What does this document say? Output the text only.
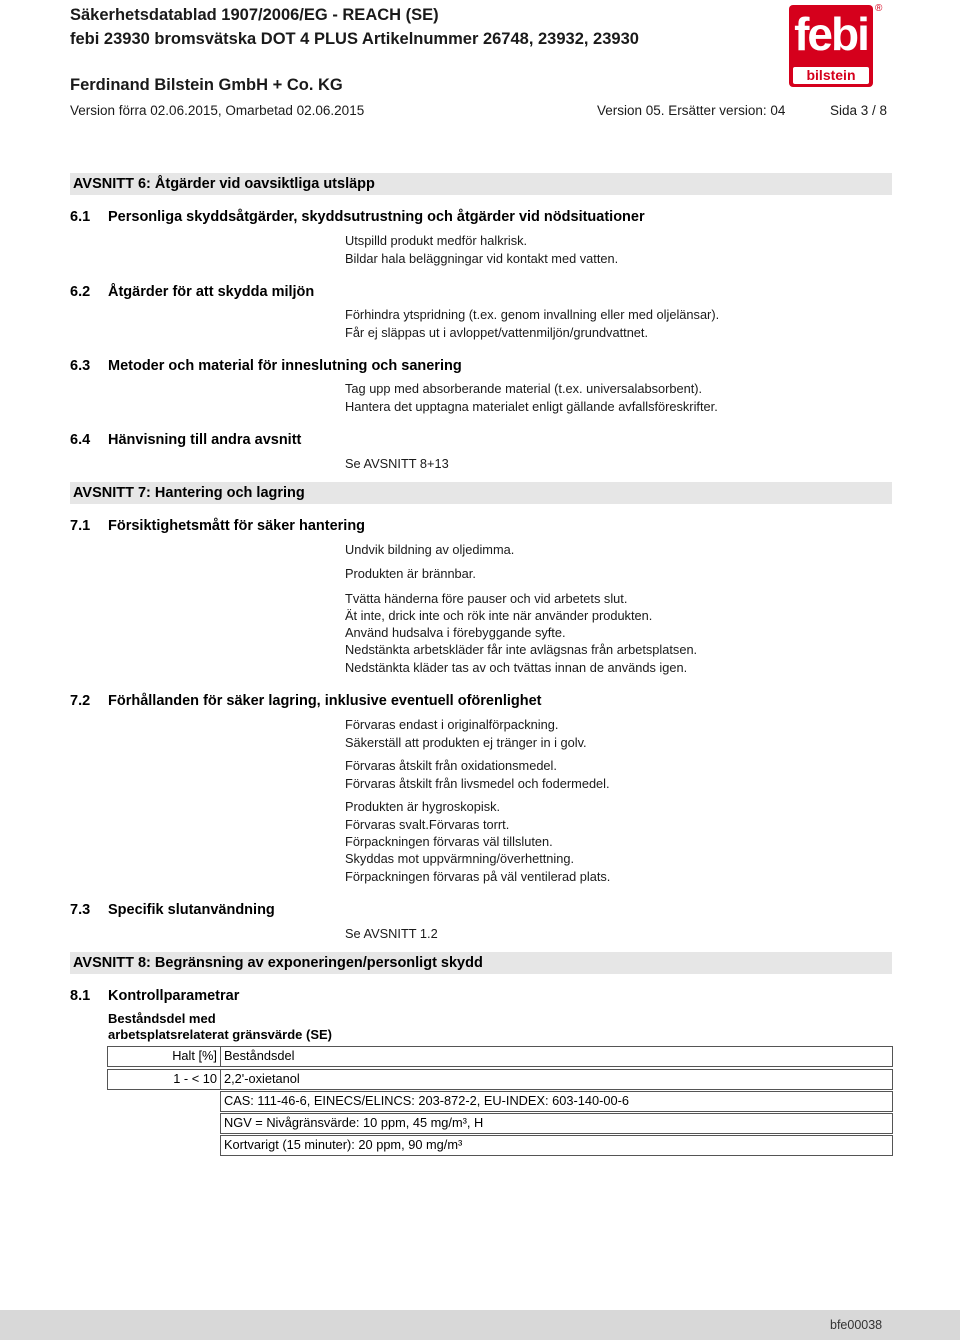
Säkerhetsdatablad 1907/2006/EG - REACH (SE)
febi 23930 bromsvätska DOT 4 PLUS Artikelnummer 26748, 23932, 23930
Ferdinand Bilstein GmbH + Co. KG
Version förra 02.06.2015, Omarbetad 02.06.2015	Version 05. Ersätter version: 04	Sida 3 / 8
febi
bilstein
®
AVSNITT 6: Åtgärder vid oavsiktliga utsläpp
6.1 Personliga skyddsåtgärder, skyddsutrustning och åtgärder vid nödsituationer
Utspilld produkt medför halkrisk.
Bildar hala beläggningar vid kontakt med vatten.
6.2 Åtgärder för att skydda miljön
Förhindra ytspridning (t.ex. genom invallning eller med oljelänsar).
Får ej släppas ut i avloppet/vattenmiljön/grundvattnet.
6.3 Metoder och material för inneslutning och sanering
Tag upp med absorberande material (t.ex. universalabsorbent).
Hantera det upptagna materialet enligt gällande avfallsföreskrifter.
6.4 Hänvisning till andra avsnitt
Se AVSNITT 8+13
AVSNITT 7: Hantering och lagring
7.1 Försiktighetsmått för säker hantering
Undvik bildning av oljedimma.
Produkten är brännbar.
Tvätta händerna före pauser och vid arbetets slut.
Ät inte, drick inte och rök inte när använder produkten.
Använd hudsalva i förebyggande syfte.
Nedstänkta arbetskläder får inte avlägsnas från arbetsplatsen.
Nedstänkta kläder tas av och tvättas innan de används igen.
7.2 Förhållanden för säker lagring, inklusive eventuell oförenlighet
Förvaras endast i originalförpackning.
Säkerställ att produkten ej tränger in i golv.
Förvaras åtskilt från oxidationsmedel.
Förvaras åtskilt från livsmedel och fodermedel.
Produkten är hygroskopisk.
Förvaras svalt.Förvaras torrt.
Förpackningen förvaras väl tillsluten.
Skyddas mot uppvärmning/överhettning.
Förpackningen förvaras på väl ventilerad plats.
7.3 Specifik slutanvändning
Se AVSNITT 1.2
AVSNITT 8: Begränsning av exponeringen/personligt skydd
8.1 Kontrollparametrar
Beståndsdel med
arbetsplatsrelaterat gränsvärde (SE)
Halt [%] Beståndsdel
1 - < 10 2,2'-oxietanol
CAS: 111-46-6, EINECS/ELINCS: 203-872-2, EU-INDEX: 603-140-00-6
NGV = Nivågränsvärde: 10 ppm, 45 mg/m³, H
Kortvarigt (15 minuter): 20 ppm, 90 mg/m³
bfe00038
